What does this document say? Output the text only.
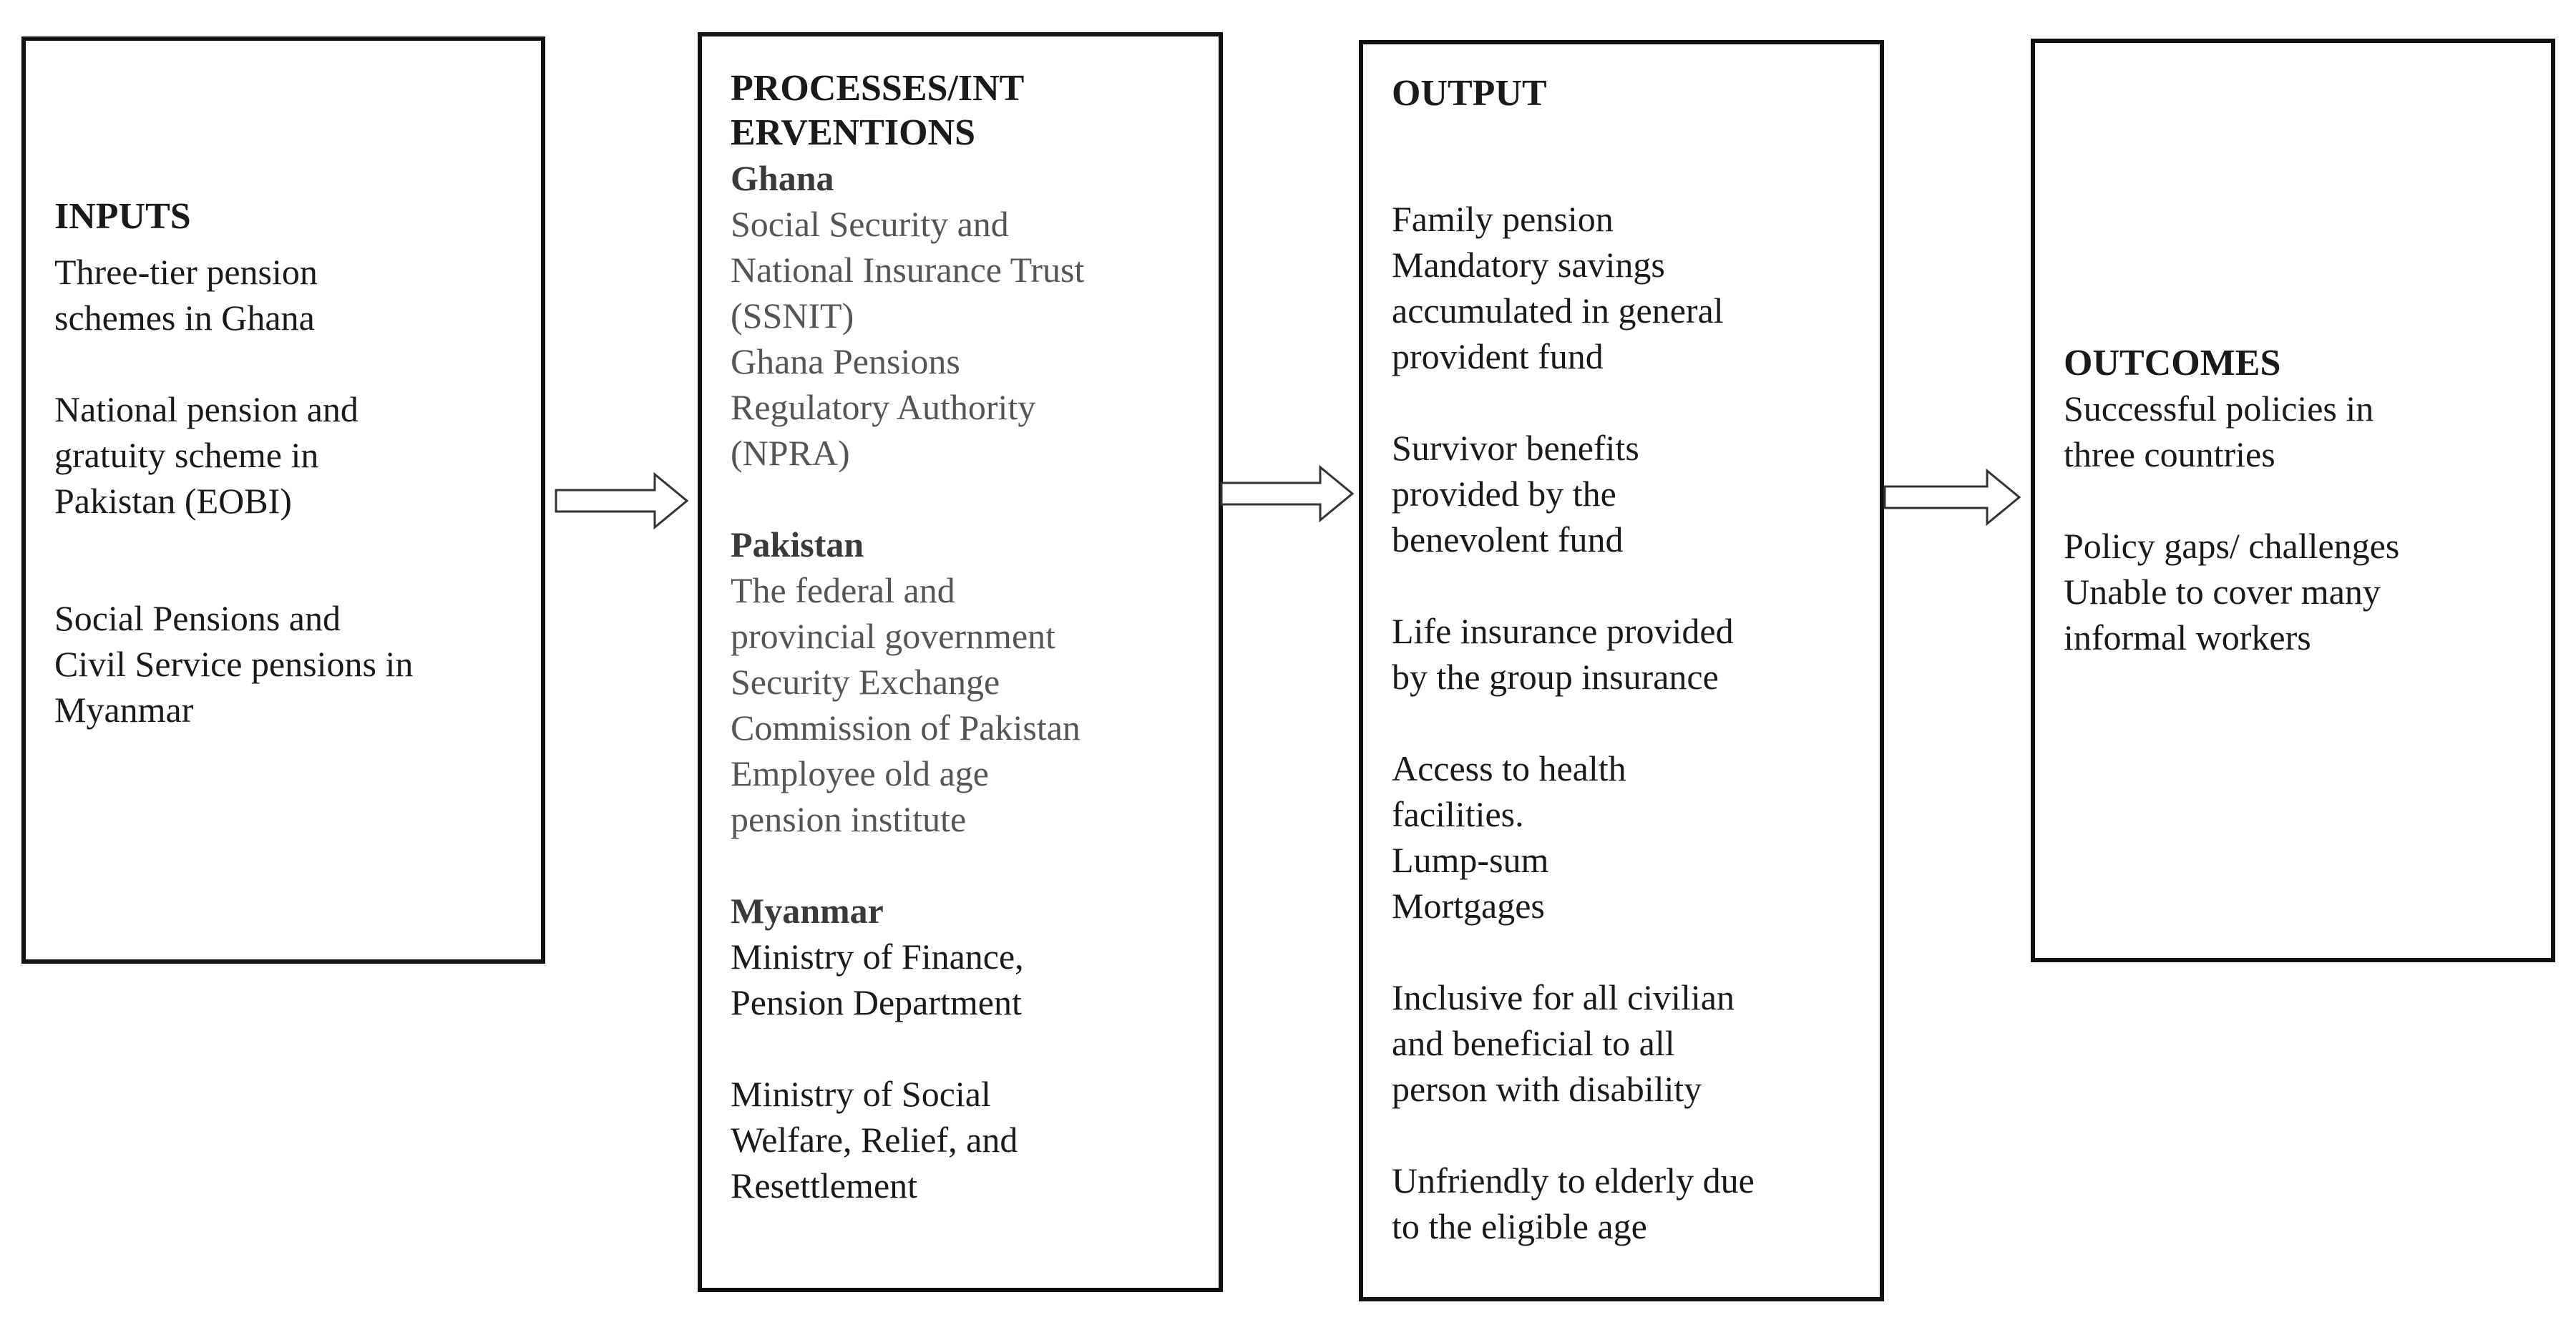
INPUTS
Three-tier pension
schemes in Ghana
National pension and
gratuity scheme in
Pakistan (EOBI)
Social Pensions and
Civil Service pensions in
Myanmar
PROCESSES/INT
ERVENTIONS
Ghana
Social Security and
National Insurance Trust
(SSNIT)
Ghana Pensions
Regulatory Authority
(NPRA)
Pakistan
The federal and
provincial government
Security Exchange
Commission of Pakistan
Employee old age
pension institute
Myanmar
Ministry of Finance,
Pension Department
Ministry of Social
Welfare, Relief, and
Resettlement
OUTPUT
Family pension
Mandatory savings
accumulated in general
provident fund
Survivor benefits
provided by the
benevolent fund
Life insurance provided
by the group insurance
Access to health
facilities.
Lump-sum
Mortgages
Inclusive for all civilian
and beneficial to all
person with disability
Unfriendly to elderly due
to the eligible age
OUTCOMES
Successful policies in
three countries
Policy gaps/ challenges
Unable to cover many
informal workers
